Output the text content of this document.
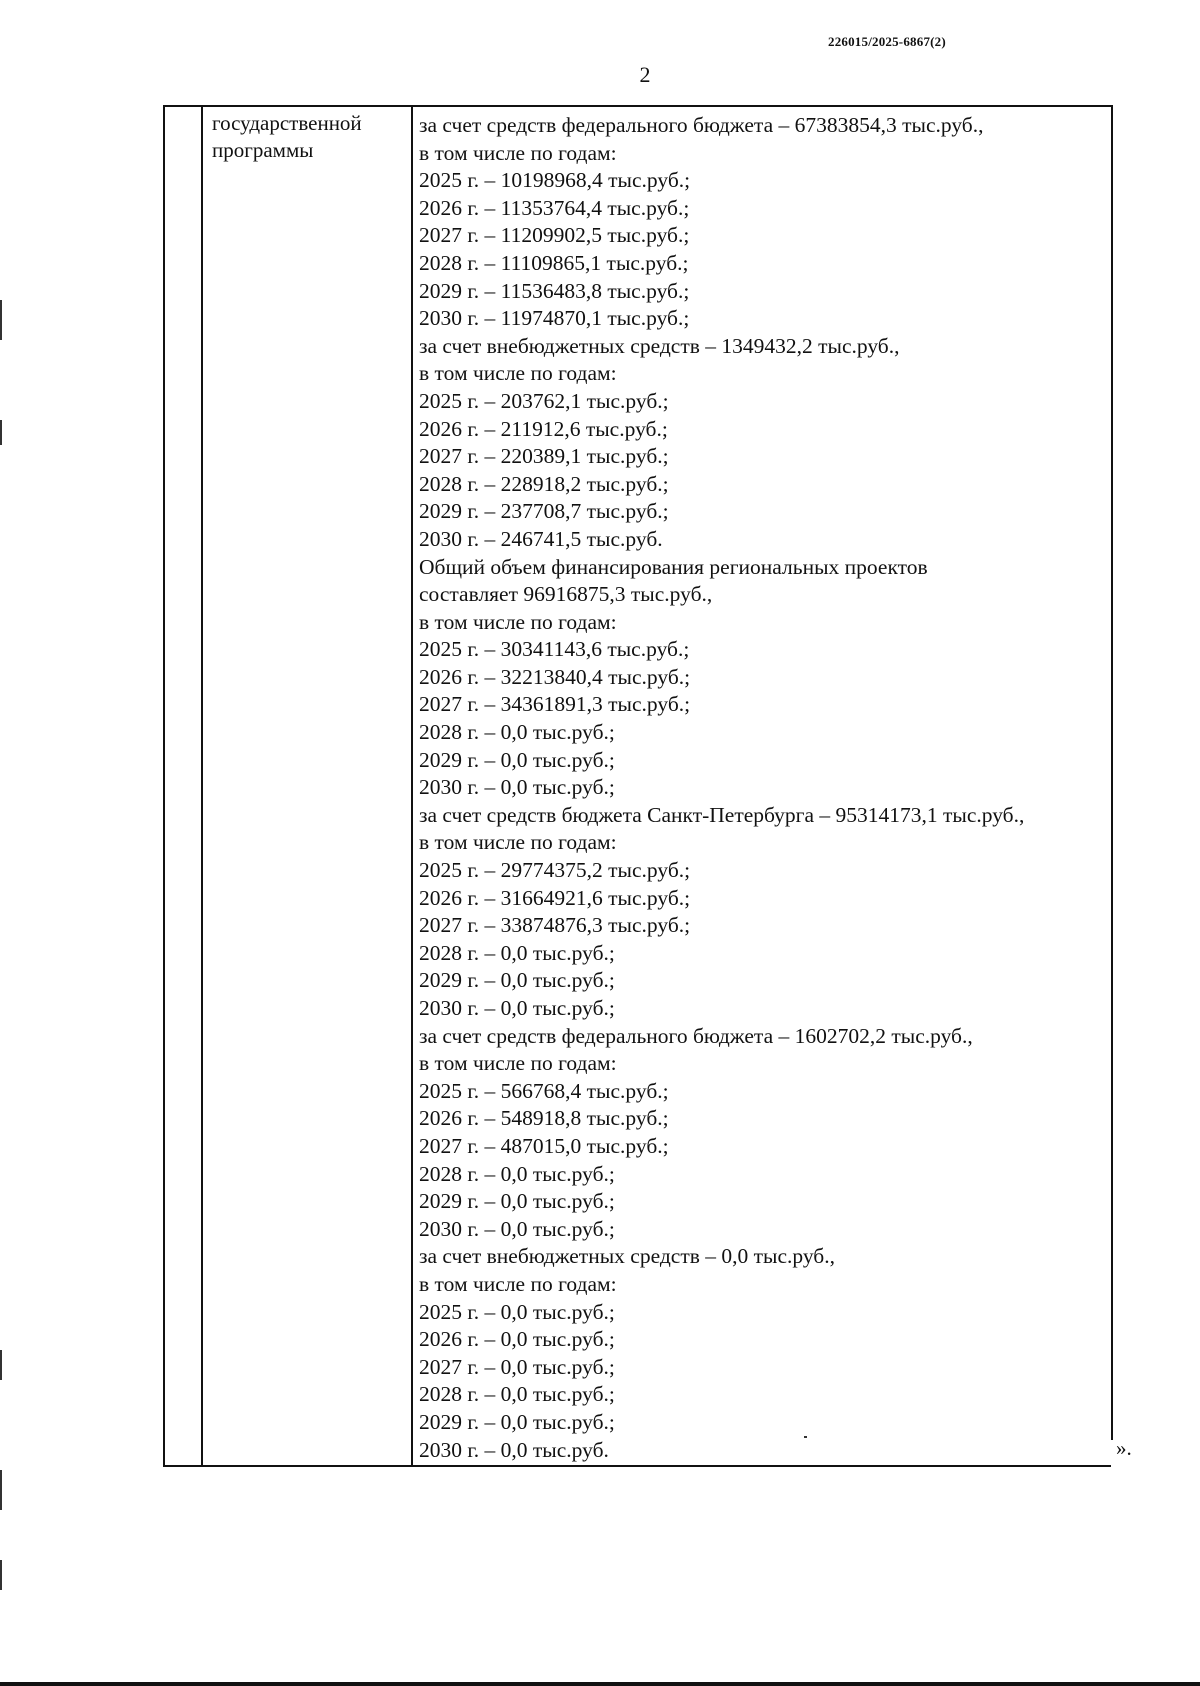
226015/2025-6867(2)
2
государственной
программы
за счет средств федерального бюджета – 67383854,3 тыс.руб.,
в том числе по годам:
2025 г. – 10198968,4 тыс.руб.;
2026 г. – 11353764,4 тыс.руб.;
2027 г. – 11209902,5 тыс.руб.;
2028 г. – 11109865,1 тыс.руб.;
2029 г. – 11536483,8 тыс.руб.;
2030 г. – 11974870,1 тыс.руб.;
за счет внебюджетных средств – 1349432,2 тыс.руб.,
в том числе по годам:
2025 г. – 203762,1 тыс.руб.;
2026 г. – 211912,6 тыс.руб.;
2027 г. – 220389,1 тыс.руб.;
2028 г. – 228918,2 тыс.руб.;
2029 г. – 237708,7 тыс.руб.;
2030 г. – 246741,5 тыс.руб.
Общий объем финансирования региональных проектов
составляет 96916875,3 тыс.руб.,
в том числе по годам:
2025 г. – 30341143,6 тыс.руб.;
2026 г. – 32213840,4 тыс.руб.;
2027 г. – 34361891,3 тыс.руб.;
2028 г. – 0,0 тыс.руб.;
2029 г. – 0,0 тыс.руб.;
2030 г. – 0,0 тыс.руб.;
за счет средств бюджета Санкт-Петербурга – 95314173,1 тыс.руб.,
в том числе по годам:
2025 г. – 29774375,2 тыс.руб.;
2026 г. – 31664921,6 тыс.руб.;
2027 г. – 33874876,3 тыс.руб.;
2028 г. – 0,0 тыс.руб.;
2029 г. – 0,0 тыс.руб.;
2030 г. – 0,0 тыс.руб.;
за счет средств федерального бюджета – 1602702,2 тыс.руб.,
в том числе по годам:
2025 г. – 566768,4 тыс.руб.;
2026 г. – 548918,8 тыс.руб.;
2027 г. – 487015,0 тыс.руб.;
2028 г. – 0,0 тыс.руб.;
2029 г. – 0,0 тыс.руб.;
2030 г. – 0,0 тыс.руб.;
за счет внебюджетных средств – 0,0 тыс.руб.,
в том числе по годам:
2025 г. – 0,0 тыс.руб.;
2026 г. – 0,0 тыс.руб.;
2027 г. – 0,0 тыс.руб.;
2028 г. – 0,0 тыс.руб.;
2029 г. – 0,0 тыс.руб.;
2030 г. – 0,0 тыс.руб.	».
